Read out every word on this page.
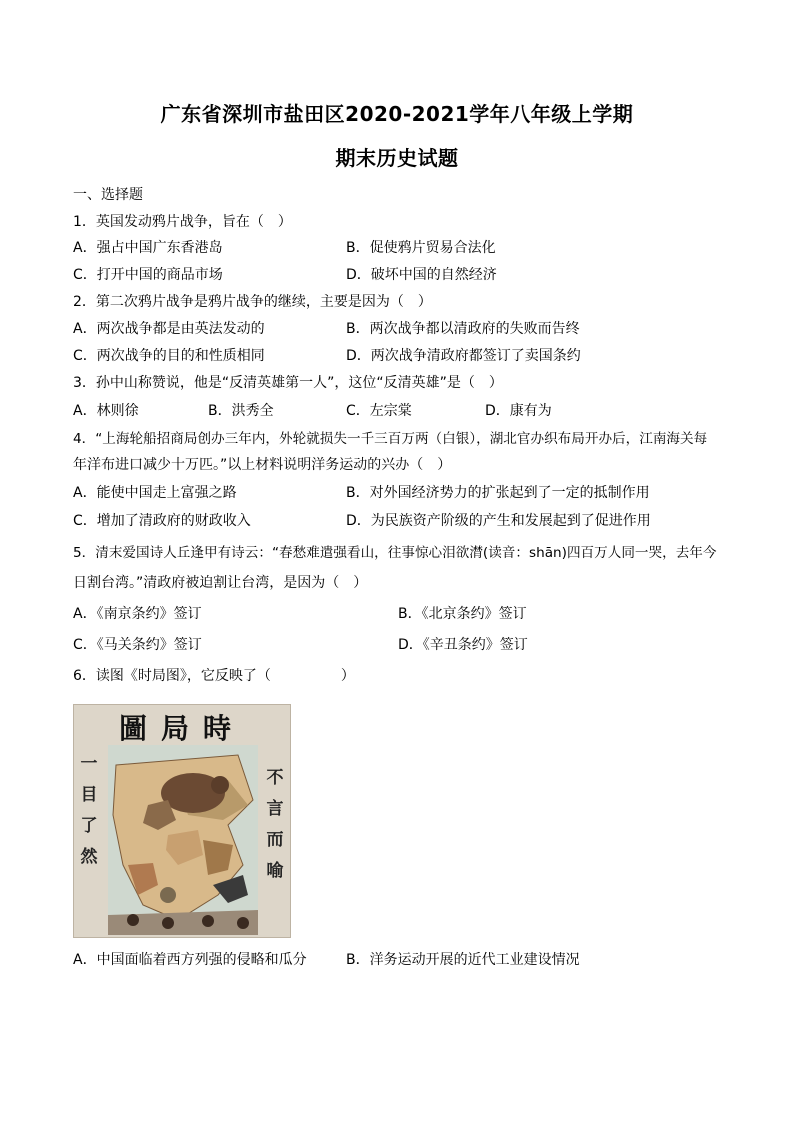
广东省深圳市盐田区2020-2021学年八年级上学期
期末历史试题
一、选择题
1．英国发动鸦片战争，旨在（　）
A．强占中国广东香港岛	B．促使鸦片贸易合法化
C．打开中国的商品市场	D．破坏中国的自然经济
2．第二次鸦片战争是鸦片战争的继续，主要是因为（　）
A．两次战争都是由英法发动的	B．两次战争都以清政府的失败而告终
C．两次战争的目的和性质相同	D．两次战争清政府都签订了卖国条约
3．孙中山称赞说，他是“反清英雄第一人”，这位“反清英雄”是（　）
A．林则徐	B．洪秀全	C．左宗棠	D．康有为
4．“上海轮船招商局创办三年内，外轮就损失一千三百万两（白银），湖北官办织布局开办后，江南海关每
年洋布进口减少十万匹。”以上材料说明洋务运动的兴办（　）
A．能使中国走上富强之路	B．对外国经济势力的扩张起到了一定的抵制作用
C．增加了清政府的财政收入	D．为民族资产阶级的产生和发展起到了促进作用
5．清末爱国诗人丘逢甲有诗云：“春愁难遣强看山，往事惊心泪欲潸(读音：shān)四百万人同一哭，去年今
日割台湾。”清政府被迫割让台湾，是因为（　）
A．《南京条约》签订	B．《北京条约》签订
C．《马关条约》签订	D．《辛丑条约》签订
6．读图《时局图》，它反映了（　　　　　）
圖局時
一
目
了
然
不
言
而
喻
A．中国面临着西方列强的侵略和瓜分	B．洋务运动开展的近代工业建设情况
